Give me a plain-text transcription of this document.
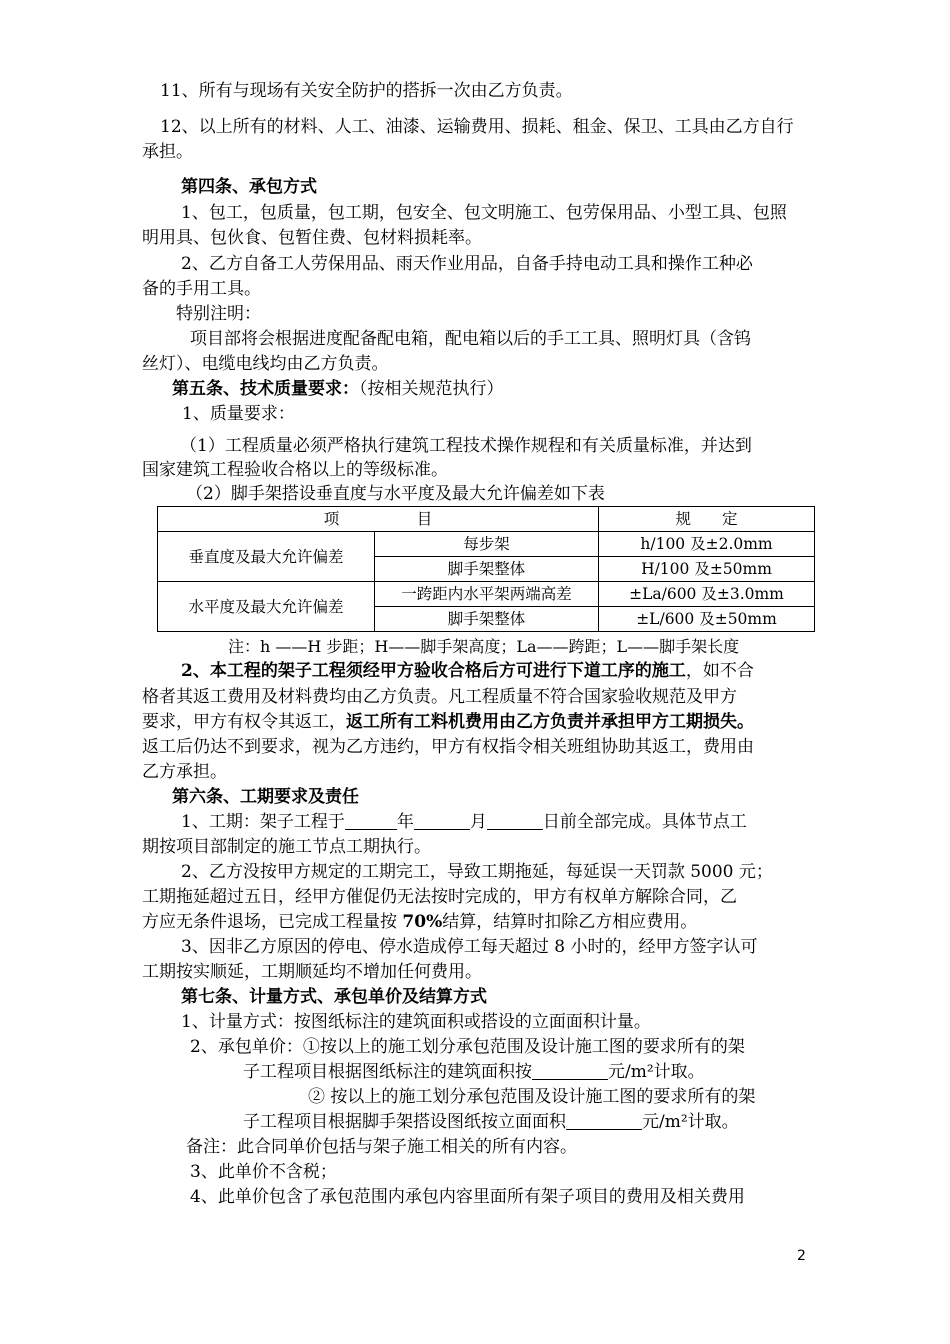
11、所有与现场有关安全防护的搭拆一次由乙方负责。

12、以上所有的材料、人工、油漆、运输费用、损耗、租金、保卫、工具由乙方自行

承担。

第四条、承包方式

1、包工，包质量，包工期，包安全、包文明施工、包劳保用品、小型工具、包照

明用具、包伙食、包暂住费、包材料损耗率。

2、乙方自备工人劳保用品、雨天作业用品，自备手持电动工具和操作工种必

备的手用工具。

特别注明：

项目部将会根据进度配备配电箱，配电箱以后的手工工具、照明灯具（含钨

丝灯）、电缆电线均由乙方负责。

第五条、技术质量要求：（按相关规范执行）

1、质量要求：

（1）工程质量必须严格执行建筑工程技术操作规程和有关质量标准，并达到

国家建筑工程验收合格以上的等级标准。

（2）脚手架搭设垂直度与水平度及最大允许偏差如下表

项　　　　　目		规　　定
垂直度及最大允许偏差	每步架	h/100 及±2.0mm
	脚手架整体	H/100 及±50mm
水平度及最大允许偏差	一跨距内水平架两端高差	±La/600 及±3.0mm
	脚手架整体	±L/600 及±50mm

注：h ——H 步距；H——脚手架高度；La——跨距；L——脚手架长度

2、本工程的架子工程须经甲方验收合格后方可进行下道工序的施工，如不合

格者其返工费用及材料费均由乙方负责。凡工程质量不符合国家验收规范及甲方

要求，甲方有权令其返工，返工所有工料机费用由乙方负责并承担甲方工期损失。

返工后仍达不到要求，视为乙方违约，甲方有权指令相关班组协助其返工，费用由

乙方承担。

第六条、工期要求及责任

1、工期：架子工程于	年	月	日前全部完成。具体节点工

期按项目部制定的施工节点工期执行。

2、乙方没按甲方规定的工期完工，导致工期拖延，每延误一天罚款 5000 元；

工期拖延超过五日，经甲方催促仍无法按时完成的，甲方有权单方解除合同，乙

方应无条件退场，已完成工程量按 70%结算，结算时扣除乙方相应费用。

3、因非乙方原因的停电、停水造成停工每天超过 8 小时的，经甲方签字认可

工期按实顺延，工期顺延均不增加任何费用。

第七条、计量方式、承包单价及结算方式

1、计量方式：按图纸标注的建筑面积或搭设的立面面积计量。

2、承包单价：①按以上的施工划分承包范围及设计施工图的要求所有的架

子工程项目根据图纸标注的建筑面积按	元/m²计取。

② 按以上的施工划分承包范围及设计施工图的要求所有的架

子工程项目根据脚手架搭设图纸按立面面积	元/m²计取。

备注：此合同单价包括与架子施工相关的所有内容。

3、此单价不含税；

4、此单价包含了承包范围内承包内容里面所有架子项目的费用及相关费用

2
